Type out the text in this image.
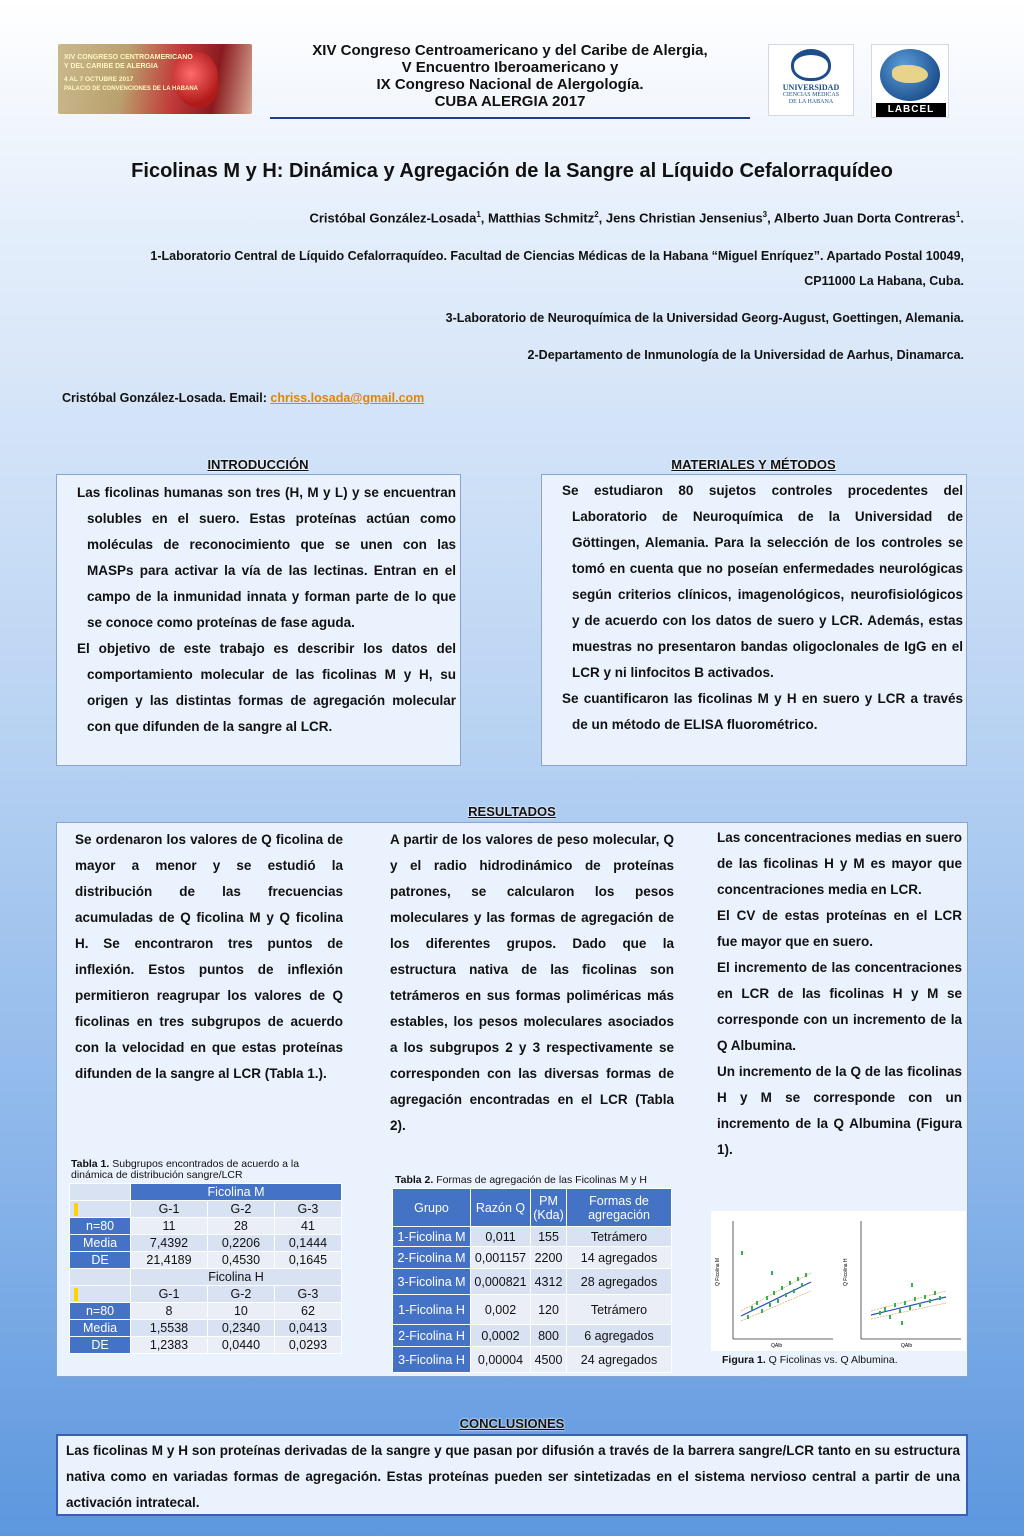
XIV CONGRESO CENTROAMERICANO
Y DEL CARIBE DE ALERGIA
4 AL 7 OCTUBRE 2017
PALACIO DE CONVENCIONES DE LA HABANA
XIV Congreso Centroamericano y del Caribe de Alergia,
V Encuentro Iberoamericano y
IX Congreso Nacional de Alergología.
CUBA ALERGIA 2017
UNIVERSIDAD
CIENCIAS MÉDICAS
DE LA HABANA
LABCEL
Ficolinas M y H: Dinámica y Agregación de la Sangre al Líquido Cefalorraquídeo
Cristóbal González-Losada$^1$, Matthias Schmitz$^2$, Jens Christian Jensenius$^3$, Alberto Juan Dorta Contreras$^1$.
1-Laboratorio Central de Líquido Cefalorraquídeo. Facultad de Ciencias Médicas de la Habana “Miguel Enríquez”. Apartado Postal 10049,
CP11000 La Habana, Cuba.
3-Laboratorio de Neuroquímica de la Universidad Georg-August, Goettingen, Alemania.
2-Departamento de Inmunología de la Universidad de Aarhus, Dinamarca.
Cristóbal González-Losada. Email: chriss.losada@gmail.com
INTRODUCCIÓN

Las ficolinas humanas son tres (H, M y L) y se encuentran solubles en el suero. Estas proteínas actúan como moléculas de reconocimiento que se unen con las MASPs para activar la vía de las lectinas. Entran en el campo de la inmunidad innata y forman parte de lo que se conoce como proteínas de fase aguda.

El objetivo de este trabajo es describir los datos del comportamiento molecular de las ficolinas M y H, su origen y las distintas formas de agregación molecular con que difunden de la sangre al LCR.

MATERIALES Y MÉTODOS

Se estudiaron 80 sujetos controles procedentes del Laboratorio de Neuroquímica de la Universidad de Göttingen, Alemania. Para la selección de los controles se tomó en cuenta que no poseían enfermedades neurológicas según criterios clínicos, imagenológicos, neurofisiológicos y de acuerdo con los datos de suero y LCR. Además, estas muestras no presentaron bandas oligoclonales de IgG en el LCR y ni linfocitos B activados.

Se cuantificaron las ficolinas M y H en suero y LCR a través de un método de ELISA fluorométrico.

RESULTADOS

Se ordenaron los valores de Q ficolina de mayor a menor y se estudió la distribución de las frecuencias acumuladas de Q ficolina M y Q ficolina H. Se encontraron tres puntos de inflexión. Estos puntos de inflexión permitieron reagrupar los valores de Q ficolinas en tres subgrupos de acuerdo con la velocidad en que estas proteínas difunden de la sangre al LCR (Tabla 1.).

A partir de los valores de peso molecular, Q y el radio hidrodinámico de proteínas patrones, se calcularon los pesos moleculares y las formas de agregación de los diferentes grupos. Dado que la estructura nativa de las ficolinas son tetrámeros en sus formas poliméricas más estables, los pesos moleculares asociados a los subgrupos 2 y 3 respectivamente se corresponden con las diversas formas de agregación encontradas en el LCR (Tabla 2).

Las concentraciones medias en suero de las ficolinas H y M es mayor que concentraciones media en LCR.

El CV de estas proteínas en el LCR fue mayor que en suero.

El incremento de las concentraciones en LCR de las ficolinas H y M se corresponde con un incremento de la Q Albumina.

Un incremento de la Q de las ficolinas H y M se corresponde con un incremento de la Q Albumina (Figura 1).

Tabla 1. Subgrupos encontrados de acuerdo a la dinámica de distribución sangre/LCR
	Ficolina M		
	G-1	G-2	G-3
n=80	11	28	41
Media	7,4392	0,2206	0,1444
DE	21,4189	0,4530	0,1645
	Ficolina H		
	G-1	G-2	G-3
n=80	8	10	62
Media	1,5538	0,2340	0,0413
DE	1,2383	0,0440	0,0293
Tabla 2. Formas de agregación de las Ficolinas M y H
Grupo	Razón Q	PM (Kda)	Formas de agregación
1-Ficolina M	0,011	155	Tetrámero
2-Ficolina M	0,001157	2200	14 agregados
3-Ficolina M	0,000821	4312	28 agregados
1-Ficolina H	0,002	120	Tetrámero
2-Ficolina H	0,0002	800	6 agregados
3-Ficolina H	0,00004	4500	24 agregados
Q Ficolina M
QAlb
Q Ficolina H
QAlb
Figura 1. Q Ficolinas vs. Q Albumina.
CONCLUSIONES

Las ficolinas M y H son proteínas derivadas de la sangre y que pasan por difusión a través de la barrera sangre/LCR tanto en su estructura nativa como en variadas formas de agregación. Estas proteínas pueden ser sintetizadas en el sistema nervioso central a partir de una activación intratecal.
